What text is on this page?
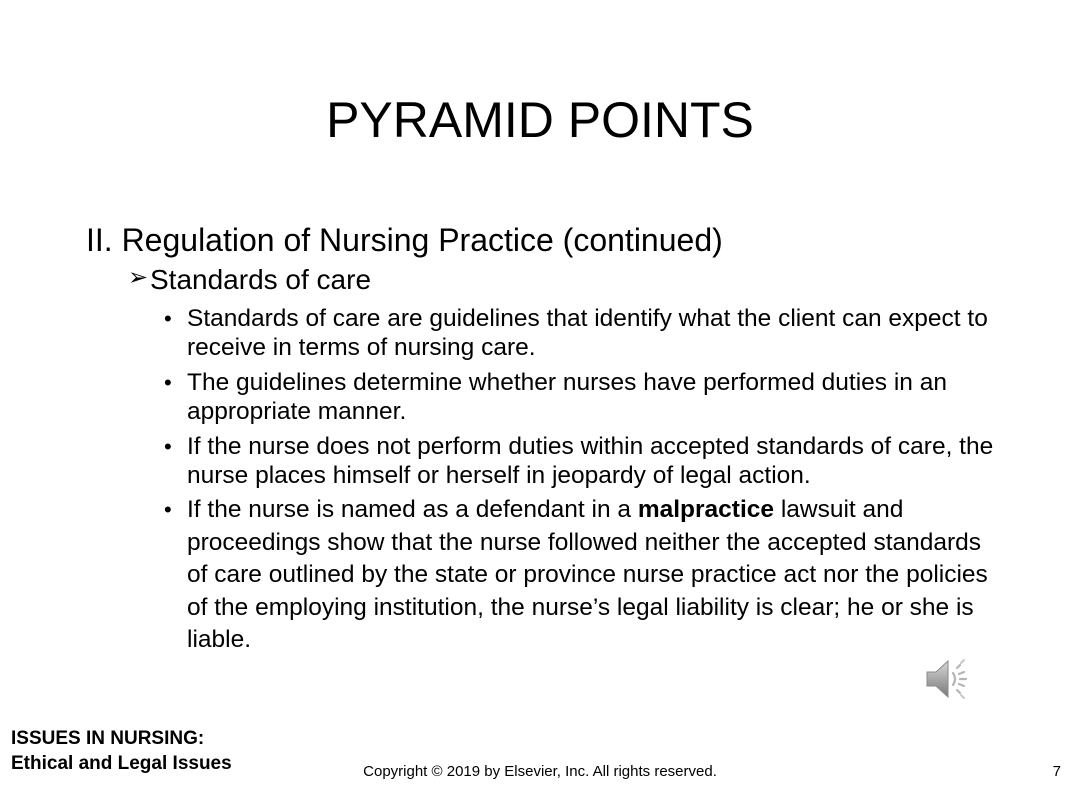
PYRAMID POINTS
II. Regulation of Nursing Practice (continued)
➢Standards of care
• Standards of care are guidelines that identify what the client can expect to receive in terms of nursing care.
• The guidelines determine whether nurses have performed duties in an appropriate manner.
• If the nurse does not perform duties within accepted standards of care, the nurse places himself or herself in jeopardy of legal action.
• If the nurse is named as a defendant in a malpractice lawsuit and proceedings show that the nurse followed neither the accepted standards of care outlined by the state or province nurse practice act nor the policies of the employing institution, the nurse’s legal liability is clear; he or she is liable.
ISSUES IN NURSING:
Ethical and Legal Issues	Copyright © 2019 by Elsevier, Inc. All rights reserved.	7
